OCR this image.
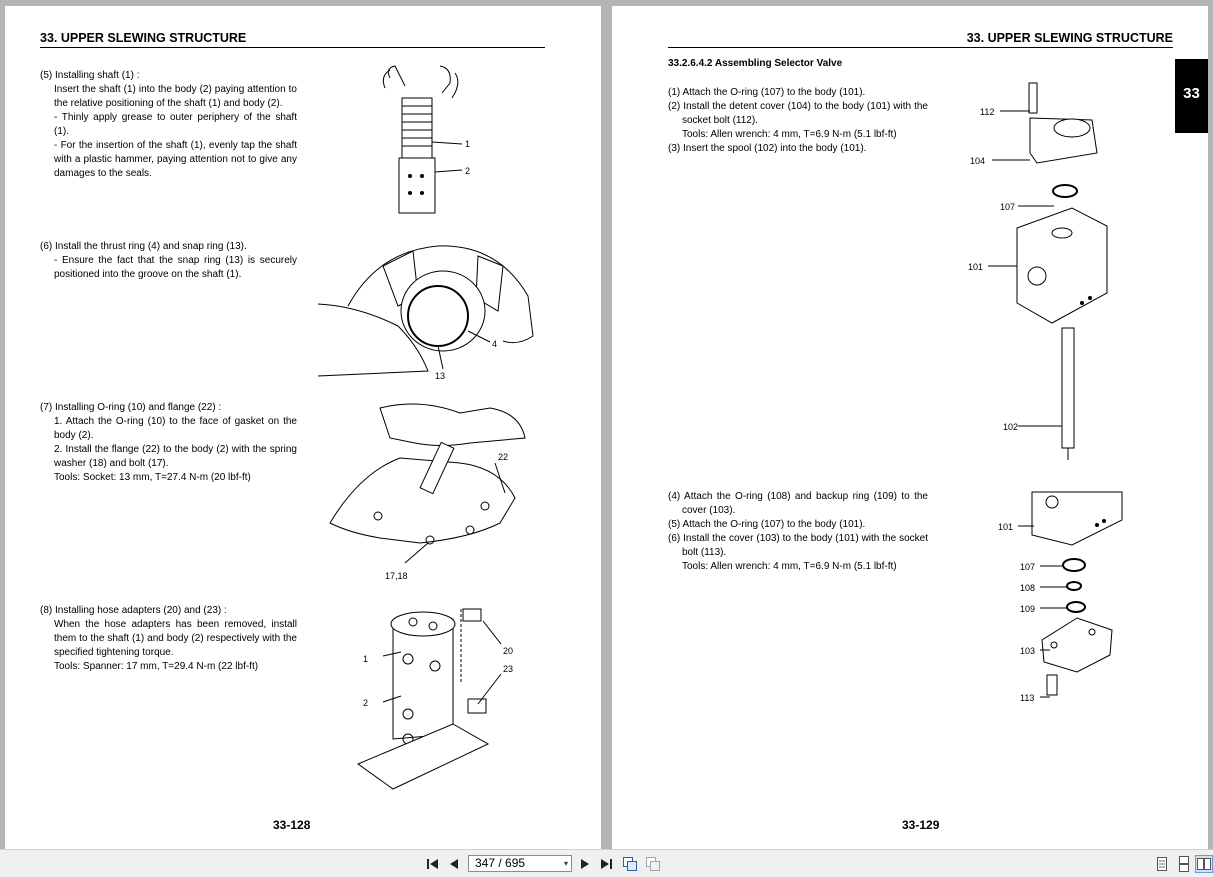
33. UPPER SLEWING STRUCTURE

(5) Installing shaft (1) :

Insert the shaft (1) into the body (2) paying attention to the relative positioning of the shaft (1) and body (2).

- Thinly apply grease to outer periphery of the shaft (1).

- For the insertion of the shaft (1), evenly tap the shaft with a plastic hammer, paying attention not to give any damages to the seals.

1
2

(6) Install the thrust ring (4) and snap ring (13).

- Ensure the fact that the snap ring (13) is securely positioned into the groove on the shaft (1).

4
13

(7) Installing O-ring (10) and flange (22) :

1. Attach the O-ring (10) to the face of gasket on the body (2).

2. Install the flange (22) to the body (2) with the spring washer (18) and bolt (17).

Tools: Socket: 13 mm, T=27.4 N-m (20 lbf-ft)

22
17,18

(8) Installing hose adapters (20) and (23) :

When the hose adapters has been removed, install them to the shaft (1) and body (2) respectively with the specified tightening torque.

Tools: Spanner: 17 mm, T=29.4 N-m (22 lbf-ft)

1
2
20
23
33-128
33. UPPER SLEWING STRUCTURE
33.2.6.4.2 Assembling Selector Valve

(1) Attach the O-ring (107) to the body (101).

(2) Install the detent cover (104) to the body (101) with the socket bolt (112).

Tools: Allen wrench: 4 mm, T=6.9 N-m (5.1 lbf-ft)

(3) Insert the spool (102) into the body (101).

112
104
107
101
102

(4) Attach the O-ring (108) and backup ring (109) to the cover (103).

(5) Attach the O-ring (107) to the body (101).

(6) Install the cover (103) to the body (101) with the socket bolt (113).

Tools: Allen wrench: 4 mm, T=6.9 N-m (5.1 lbf-ft)

101
107
108
109
103
113
33-129
33
347 / 695	▾
